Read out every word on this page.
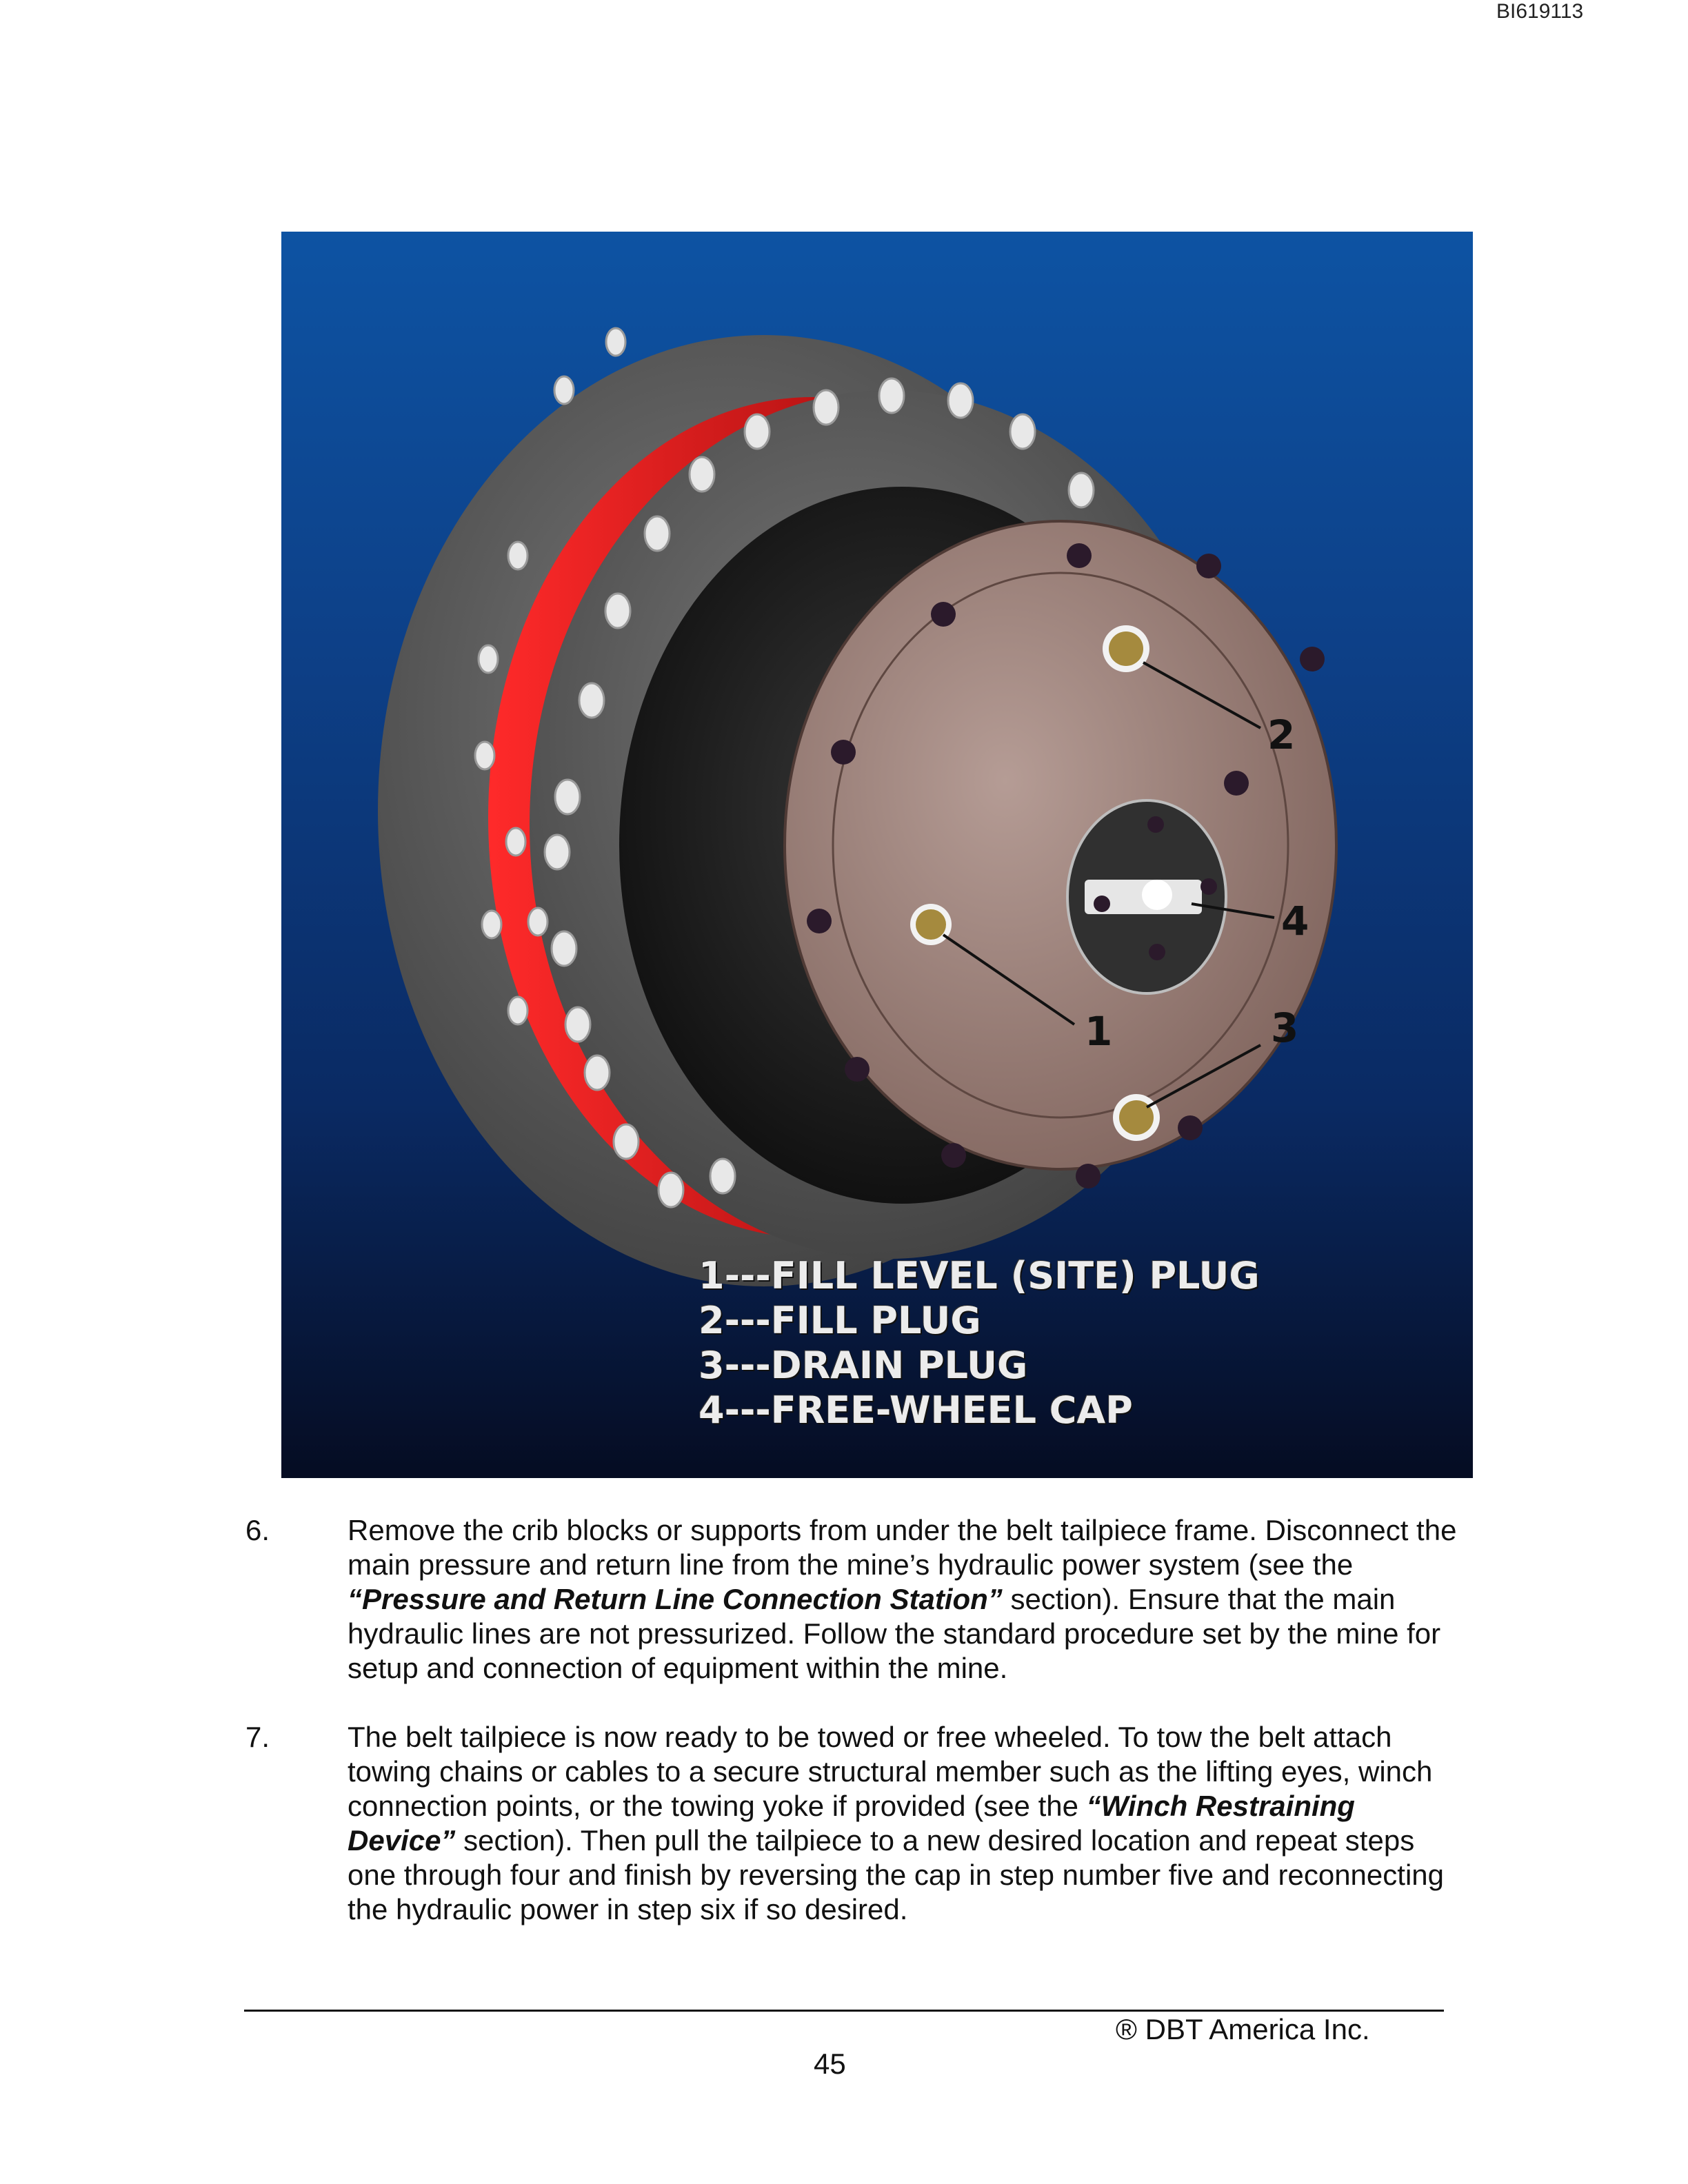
BI619113
1
2
3
4
1---FILL LEVEL (SITE) PLUG
2---FILL PLUG
3---DRAIN PLUG
4---FREE-WHEEL CAP
6.	Remove the crib blocks or supports from under the belt tailpiece frame. Disconnect the main pressure and return line from the mine’s hydraulic power system (see the “Pressure and Return Line Connection Station” section). Ensure that the main hydraulic lines are not pressurized. Follow the standard procedure set by the mine for setup and connection of equipment within the mine.
7.	The belt tailpiece is now ready to be towed or free wheeled. To tow the belt attach towing chains or cables to a secure structural member such as the lifting eyes, winch connection points, or the towing yoke if provided (see the “Winch Restraining Device” section). Then pull the tailpiece to a new desired location and repeat steps one through four and finish by reversing the cap in step number five and reconnecting the hydraulic power in step six if so desired.
® DBT America Inc.
45
